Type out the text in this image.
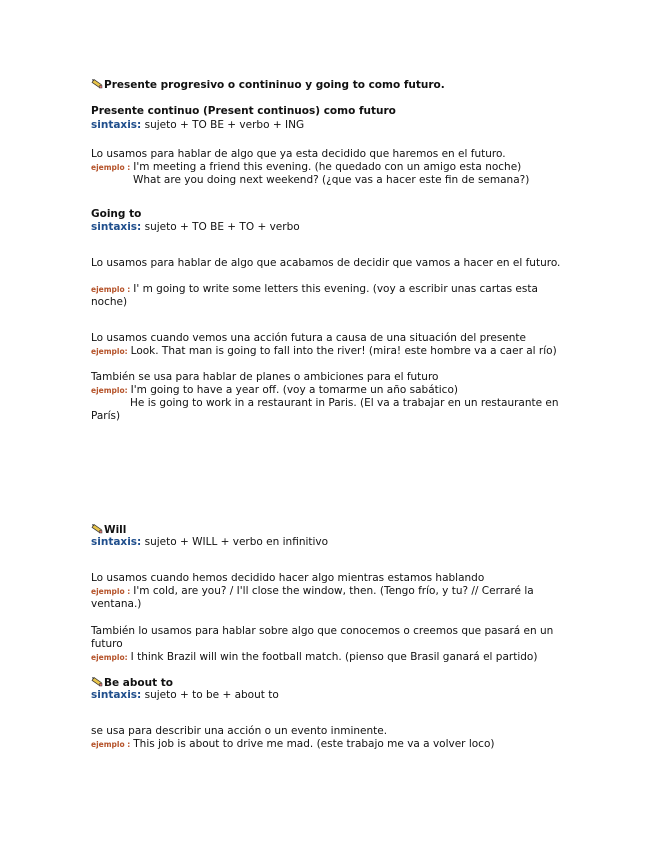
Presente progresivo o contininuo y going to como futuro.
Presente continuo (Present continuos) como futuro
sintaxis: sujeto + TO BE + verbo + ING
Lo usamos para hablar de algo que ya esta decidido que haremos en el futuro.
ejemplo : I'm meeting a friend this evening. (he quedado con un amigo esta noche)
What are you doing next weekend? (¿que vas a hacer este fin de semana?)
Going to
sintaxis: sujeto + TO BE + TO + verbo
Lo usamos para hablar de algo que acabamos de decidir que vamos a hacer en el futuro.
ejemplo : I' m going to write some letters this evening. (voy a escribir unas cartas esta noche)
Lo usamos cuando vemos una acción futura a causa de una situación del presente
ejemplo: Look. That man is going to fall into the river! (mira! este hombre va a caer al río)
También se usa para hablar de planes o ambiciones para el futuro
ejemplo: I'm going to have a year off. (voy a tomarme un año sabático)
He is going to work in a restaurant in Paris. (El va a trabajar en un restaurante en París)
Will
sintaxis: sujeto + WILL + verbo en infinitivo
Lo usamos cuando hemos decidido hacer algo mientras estamos hablando
ejemplo : I'm cold, are you? / I'll close the window, then. (Tengo frío, y tu? // Cerraré la ventana.)
También lo usamos para hablar sobre algo que conocemos o creemos que pasará en un futuro
ejemplo: I think Brazil will win the football match. (pienso que Brasil ganará el partido)
Be about to
sintaxis: sujeto + to be + about to
se usa para describir una acción o un evento inminente.
ejemplo : This job is about to drive me mad. (este trabajo me va a volver loco)
